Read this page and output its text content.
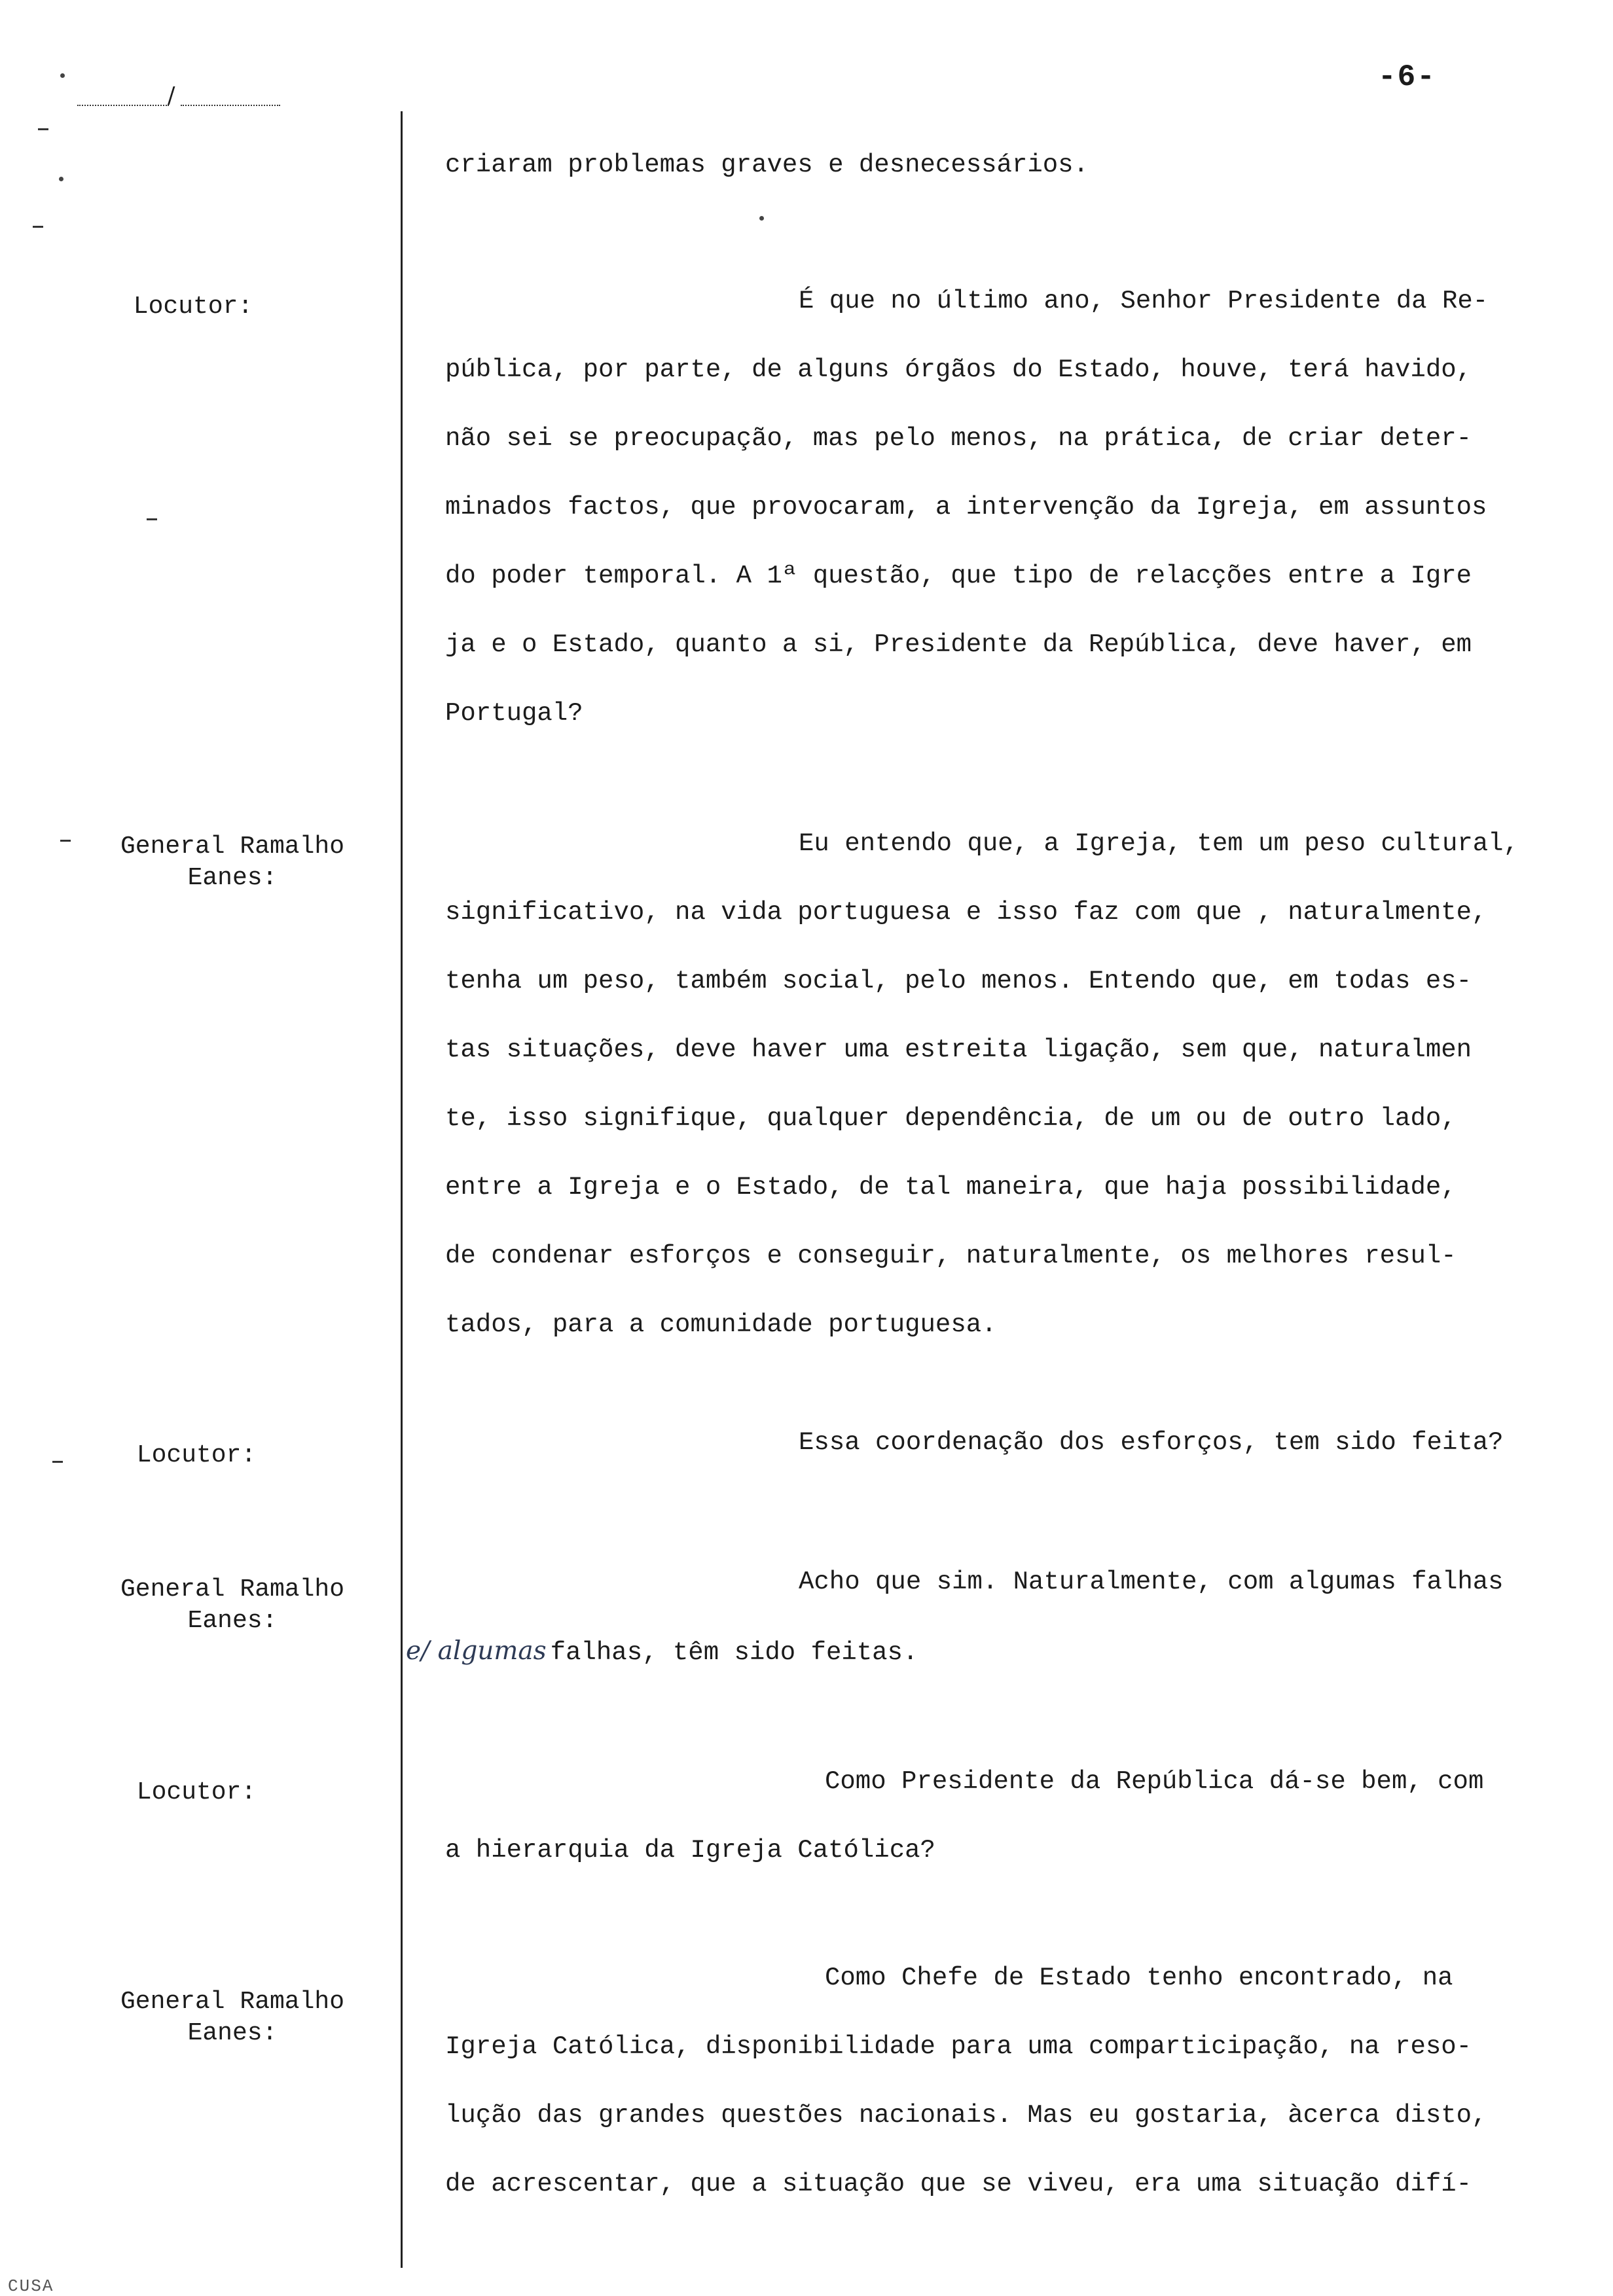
-6-
/
criaram problemas graves e desnecessários.
Locutor:	É que no último ano, Senhor Presidente da Re-
pública, por parte, de alguns órgãos do Estado, houve, terá havido,
não sei se preocupação, mas pelo menos, na prática, de criar deter-
minados factos, que provocaram, a intervenção da Igreja, em assuntos
do poder temporal. A 1ª questão, que tipo de relacções entre a Igre
ja e o Estado, quanto a si, Presidente da República, deve haver, em
Portugal?
General Ramalho Eanes:
Eu entendo que, a Igreja, tem um peso cultural,
significativo, na vida portuguesa e isso faz com que , naturalmente,
tenha um peso, também social, pelo menos. Entendo que, em todas es-
tas situações, deve haver uma estreita ligação, sem que, naturalmen
te, isso signifique, qualquer dependência, de um ou de outro lado,
entre a Igreja e o Estado, de tal maneira, que haja possibilidade,
de condenar esforços e conseguir, naturalmente, os melhores resul-
tados, para a comunidade portuguesa.
Locutor:	Essa coordenação dos esforços, tem sido feita?
General Ramalho Eanes:
Acho que sim. Naturalmente, com algumas falhas
e/ algumas falhas, têm sido feitas.
Locutor:	Como Presidente da República dá-se bem, com
a hierarquia da Igreja Católica?
General Ramalho Eanes:
Como Chefe de Estado tenho encontrado, na
Igreja Católica, disponibilidade para uma comparticipação, na reso-
lução das grandes questões nacionais. Mas eu gostaria, àcerca disto,
de acrescentar, que a situação que se viveu, era uma situação difí-
CUSA
